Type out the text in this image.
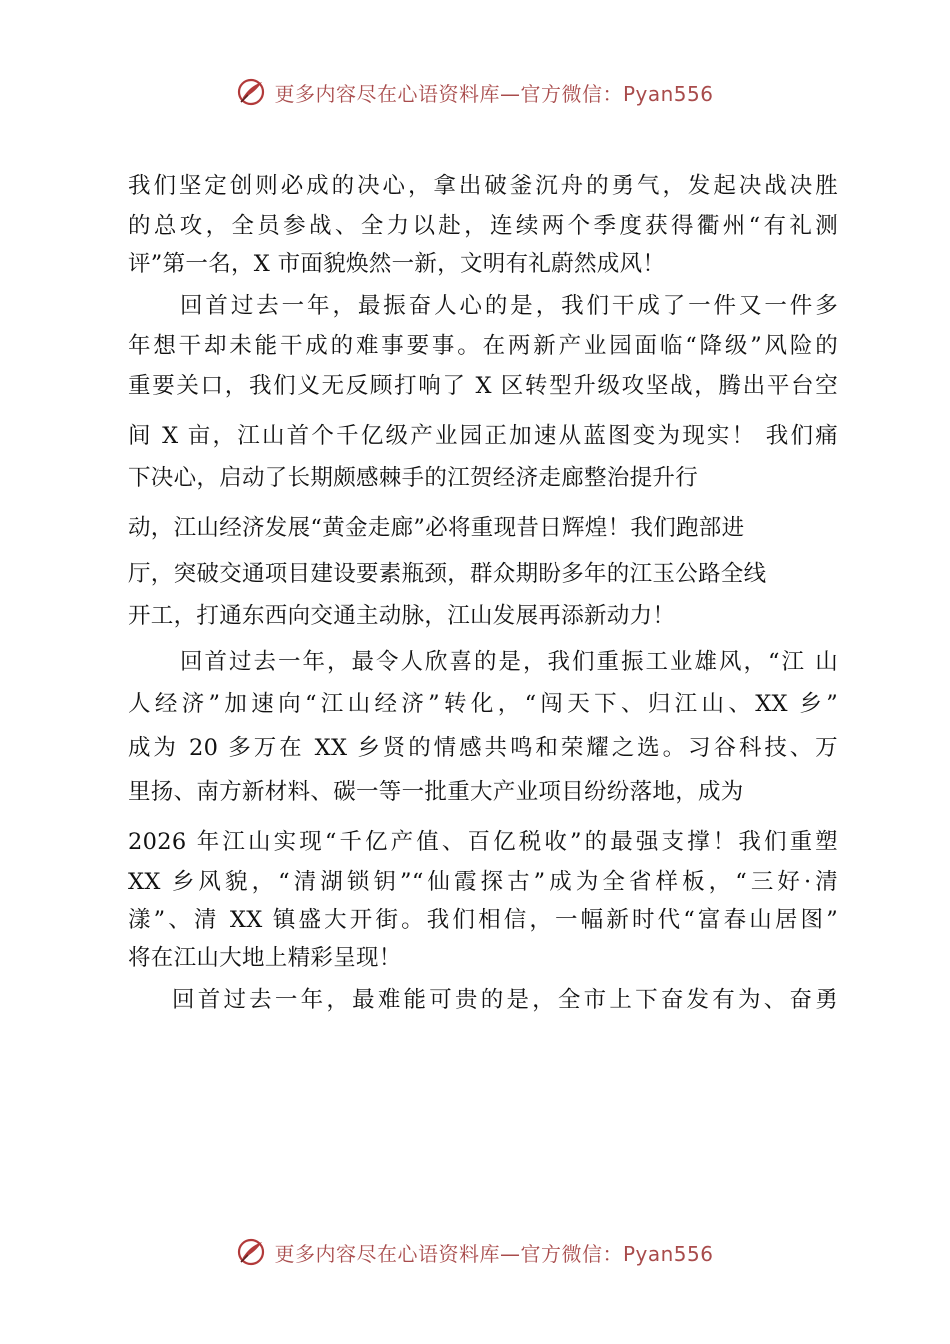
更多内容尽在心语资料库—官方微信：Pyan556
我们坚定创则必成的决心，拿出破釜沉舟的勇气，发起决战决胜
的总攻，全员参战、全力以赴，连续两个季度获得衢州“有礼测
评”第一名，X 市面貌焕然一新，文明有礼蔚然成风！
回首过去一年，最振奋人心的是，我们干成了一件又一件多
年想干却未能干成的难事要事。在两新产业园面临“降级”风险的
重要关口，我们义无反顾打响了 X 区转型升级攻坚战，腾出平台空
间 X 亩，江山首个千亿级产业园正加速从蓝图变为现实！ 我们痛
下决心，启动了长期颇感棘手的江贺经济走廊整治提升行
动，江山经济发展“黄金走廊”必将重现昔日辉煌！我们跑部进
厅，突破交通项目建设要素瓶颈，群众期盼多年的江玉公路全线
开工，打通东西向交通主动脉，江山发展再添新动力！
回首过去一年，最令人欣喜的是，我们重振工业雄风，“江 山
人经济”加速向“江山经济”转化，“闯天下、归江山、XX 乡”
成为 20 多万在 XX 乡贤的情感共鸣和荣耀之选。习谷科技、万
里扬、南方新材料、碳一等一批重大产业项目纷纷落地，成为
2026 年江山实现“千亿产值、百亿税收”的最强支撑！我们重塑
XX 乡风貌，“清湖锁钥”“仙霞探古”成为全省样板，“三好·清
漾”、清 XX 镇盛大开街。我们相信，一幅新时代“富春山居图”
将在江山大地上精彩呈现！
回首过去一年，最难能可贵的是，全市上下奋发有为、奋勇
更多内容尽在心语资料库—官方微信：Pyan556
